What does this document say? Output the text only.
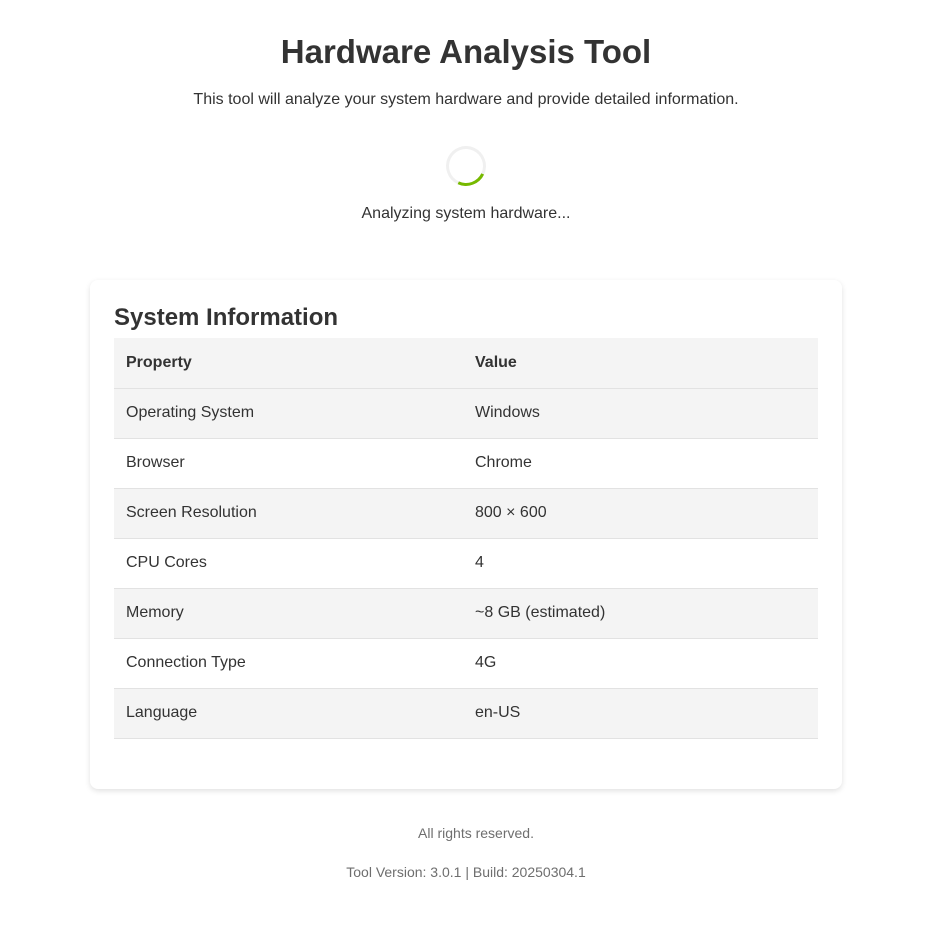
Hardware Analysis Tool

This tool will analyze your system hardware and provide detailed information.

Analyzing system hardware...

System Information
Property	Value
Operating System	Windows
Browser	Chrome
Screen Resolution	800 × 600
CPU Cores	4
Memory	~8 GB (estimated)
Connection Type	4G
Language	en-US

All rights reserved.

Tool Version: 3.0.1 | Build: 20250304.1
